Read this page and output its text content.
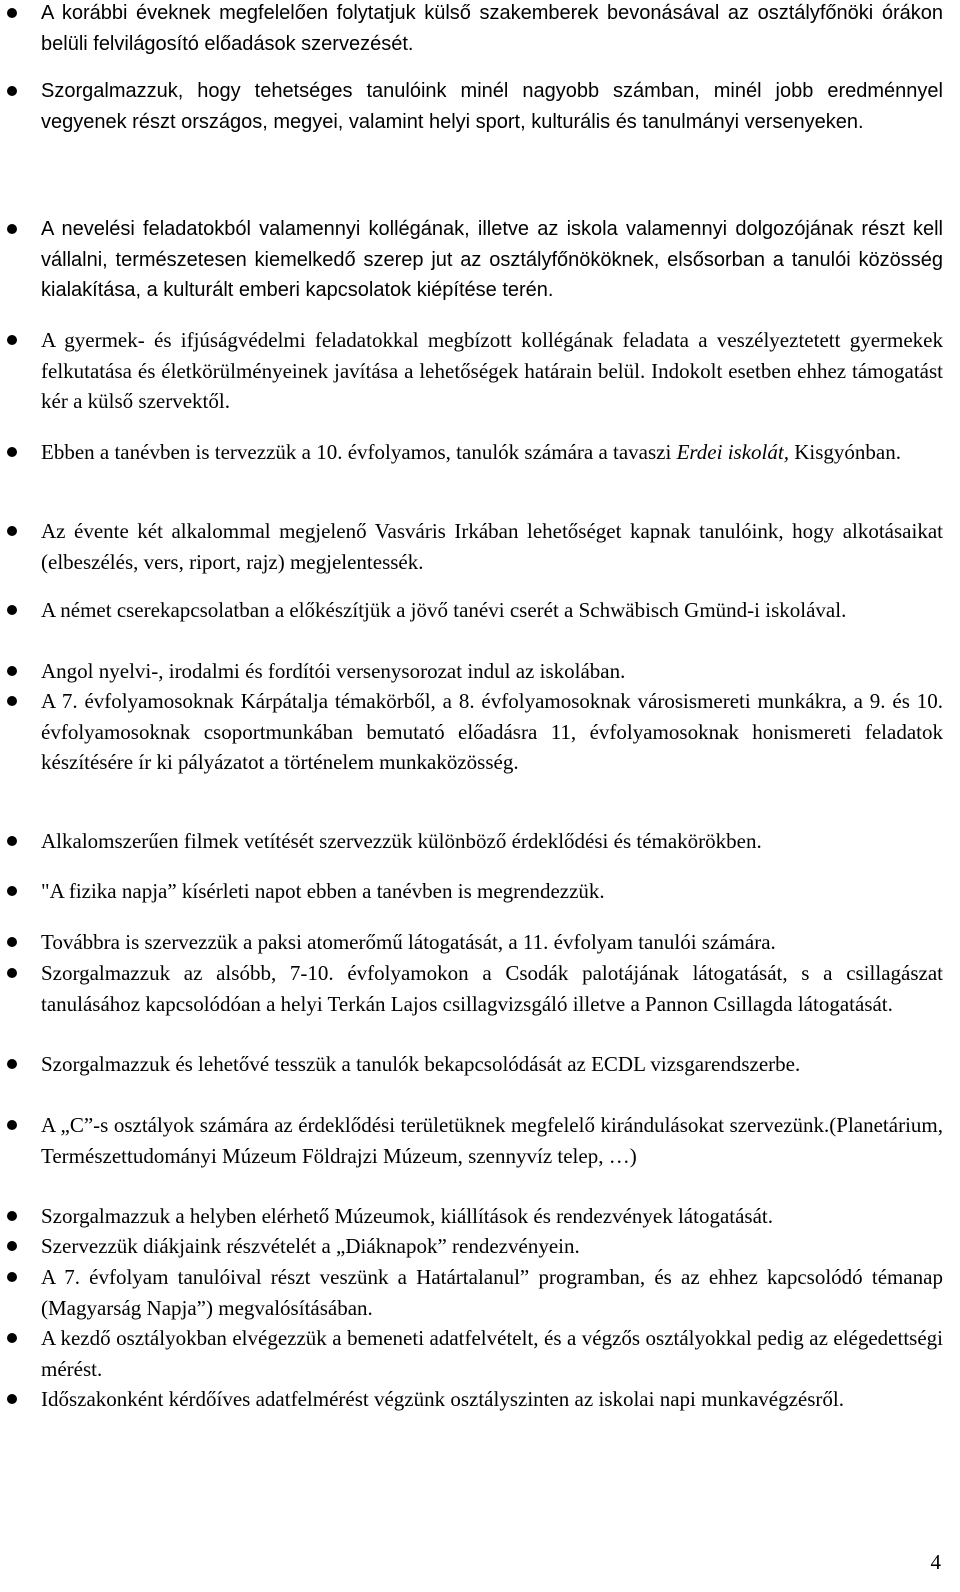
A korábbi éveknek megfelelően folytatjuk külső szakemberek bevonásával az osztályfőnöki órákon belüli felvilágosító előadások szervezését.
Szorgalmazzuk, hogy tehetséges tanulóink minél nagyobb számban, minél jobb eredménnyel vegyenek részt országos, megyei, valamint helyi sport, kulturális és tanulmányi versenyeken.
A nevelési feladatokból valamennyi kollégának, illetve az iskola valamennyi dolgozójának részt kell vállalni, természetesen kiemelkedő szerep jut az osztályfőnököknek, elsősorban a tanulói közösség kialakítása, a kulturált emberi kapcsolatok kiépítése terén.
A gyermek- és ifjúságvédelmi feladatokkal megbízott kollégának feladata a veszélyeztetett gyermekek felkutatása és életkörülményeinek javítása a lehetőségek határain belül. Indokolt esetben ehhez támogatást kér a külső szervektől.
Ebben a tanévben is tervezzük a 10. évfolyamos, tanulók számára a tavaszi Erdei iskolát, Kisgyónban.
Az évente két alkalommal megjelenő Vasváris Irkában lehetőséget kapnak tanulóink, hogy alkotásaikat (elbeszélés, vers, riport, rajz) megjelentessék.
A német cserekapcsolatban a előkészítjük a jövő tanévi cserét a Schwäbisch Gmünd-i iskolával.
Angol nyelvi-, irodalmi és fordítói versenysorozat indul az iskolában.
A 7. évfolyamosoknak Kárpátalja témakörből, a 8. évfolyamosoknak városismereti munkákra, a 9. és 10. évfolyamosoknak csoportmunkában bemutató előadásra 11, évfolyamosoknak honismereti feladatok készítésére ír ki pályázatot a történelem munkaközösség.
Alkalomszerűen filmek vetítését szervezzük különböző érdeklődési és témakörökben.
"A fizika napja” kísérleti napot ebben a tanévben is megrendezzük.
Továbbra is szervezzük a paksi atomerőmű látogatását, a 11. évfolyam tanulói számára.
Szorgalmazzuk az alsóbb, 7-10. évfolyamokon a Csodák palotájának látogatását, s a csillagászat tanulásához kapcsolódóan a helyi Terkán Lajos csillagvizsgáló illetve a Pannon Csillagda látogatását.
Szorgalmazzuk és lehetővé tesszük a tanulók bekapcsolódását az ECDL vizsgarendszerbe.
A „C”-s osztályok számára az érdeklődési területüknek megfelelő kirándulásokat szervezünk.(Planetárium, Természettudományi Múzeum Földrajzi Múzeum, szennyvíz telep, …)
Szorgalmazzuk a helyben elérhető Múzeumok, kiállítások és rendezvények látogatását.
Szervezzük diákjaink részvételét a „Diáknapok” rendezvényein.
A 7. évfolyam tanulóival részt veszünk a Határtalanul” programban, és az ehhez kapcsolódó témanap (Magyarság Napja”) megvalósításában.
A kezdő osztályokban elvégezzük a bemeneti adatfelvételt, és a végzős osztályokkal pedig az elégedettségi mérést.
Időszakonként kérdőíves adatfelmérést végzünk osztályszinten az iskolai napi munkavégzésről.
4
